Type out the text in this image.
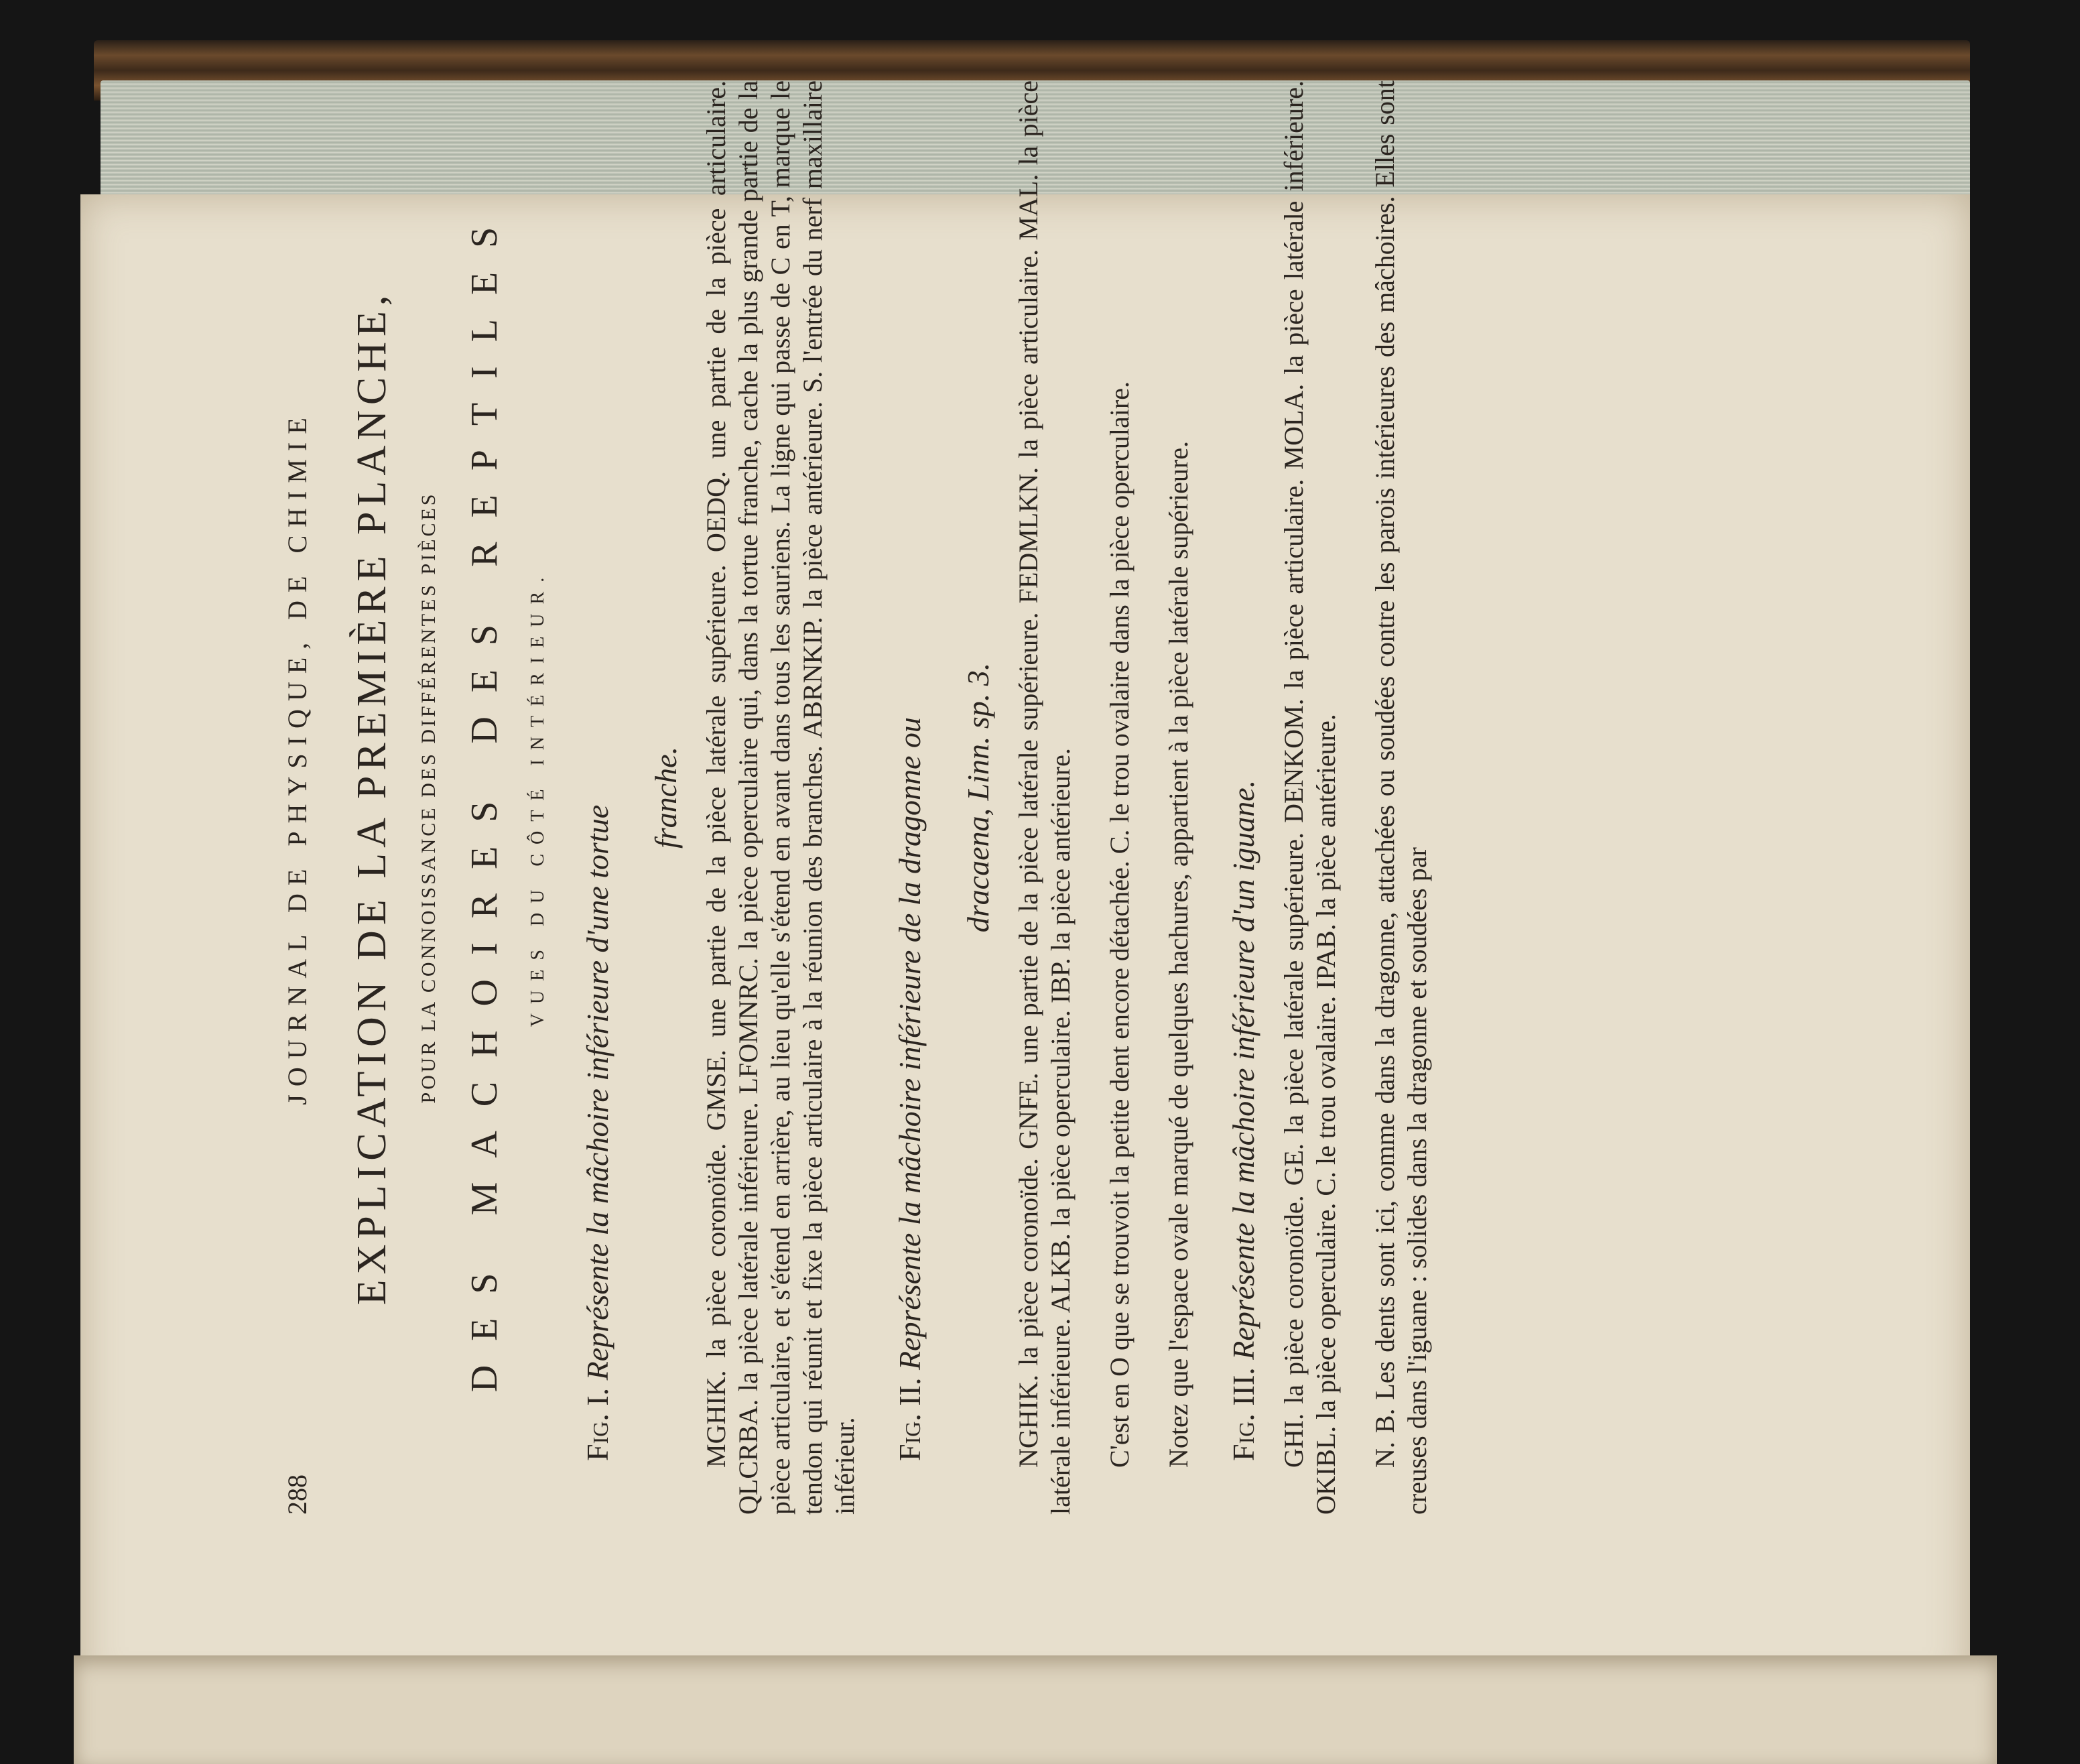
288
JOURNAL DE PHYSIQUE, DE CHIMIE EXPLICATION DE LA PREMIÈRE PLANCHE, POUR LA CONNOISSANCE DES DIFFÉRENTES PIÈCES DES MACHOIRES DES REPTILES VUES DU CÔTÉ INTÉRIEUR.
Fig. I. Représente la mâchoire inférieure d'une tortue
franche. MGHIK. la pièce coronoïde. GMSE. une partie de la pièce latérale supérieure. OEDQ. une partie de la pièce articulaire. QLCRBA. la pièce latérale inférieure. LFOMNRC. la pièce operculaire qui, dans la tortue franche, cache la plus grande partie de la pièce articulaire, et s'étend en arrière, au lieu qu'elle s'étend en avant dans tous les sauriens. La ligne qui passe de C en T, marque le tendon qui réunit et fixe la pièce articulaire à la réunion des branches. ABRNKIP. la pièce antérieure. S. l'entrée du nerf maxillaire inférieur. Fig. II. Représente la mâchoire inférieure de la dragonne ou dracaena, Linn. sp. 3. NGHIK. la pièce coronoïde. GNFE. une partie de la pièce latérale supérieure. FEDMLKN. la pièce articulaire. MAL. la pièce latérale inférieure. ALKB. la pièce operculaire. IBP. la pièce antérieure. C'est en O que se trouvoit la petite dent encore détachée. C. le trou ovalaire dans la pièce operculaire. Notez que l'espace ovale marqué de quelques hachures, appartient à la pièce latérale supérieure. Fig. III. Représente la mâchoire inférieure d'un iguane. GHI. la pièce coronoïde. GE. la pièce latérale supérieure. DENKOM. la pièce articulaire. MOLA. la pièce latérale inférieure. OKIBL. la pièce operculaire. C. le trou ovalaire. IPAB. la pièce antérieure. N. B. Les dents sont ici, comme dans la dragonne, attachées ou soudées contre les parois intérieures des mâchoires. Elles sont creuses dans l'iguane : solides dans la dragonne et soudées par
